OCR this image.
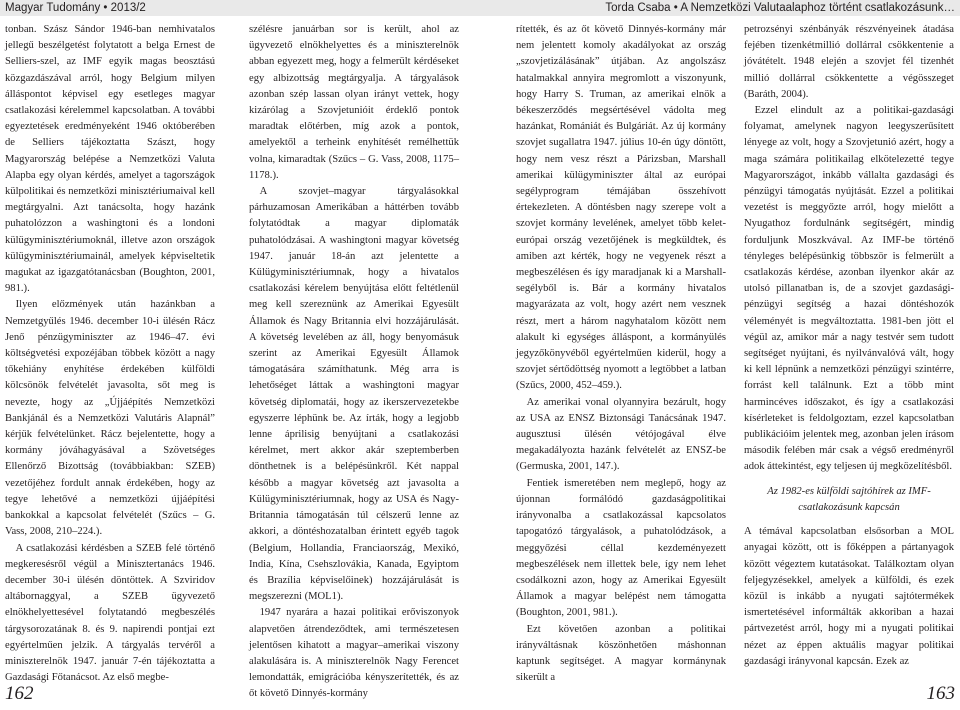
Magyar Tudomány • 2013/2

tonban. Szász Sándor 1946-ban nemhivatalos jellegű beszélgetést folytatott a belga Ernest de Selliers-szel, az IMF egyik magas beosztású közgazdászával arról, hogy Belgium milyen álláspontot képvisel egy esetleges magyar csatlakozási kérelemmel kapcsolatban. A további egyeztetések eredményeként 1946 októberében de Selliers tájékoztatta Szászt, hogy Magyarország belépése a Nemzetközi Valuta Alapba egy olyan kérdés, amelyet a tagországok külpolitikai és nemzetközi minisztériumaival kell megtárgyalni. Azt tanácsolta, hogy hazánk puhatolózzon a washingtoni és a londoni külügyminisztériumoknál, illetve azon országok külügyminisztériumainál, amelyek képviseltetik magukat az igazgatótanácsban (Boughton, 2001, 981.).

Ilyen előzmények után hazánkban a Nemzetgyűlés 1946. december 10-i ülésén Rácz Jenő pénzügyminiszter az 1946–47. évi költségvetési expozéjában többek között a nagy tőkehiány enyhítése érdekében külföldi kölcsönök felvételét javasolta, sőt meg is nevezte, hogy az „Újjáépítés Nemzetközi Bankjánál és a Nemzetközi Valutáris Alapnál” kérjük felvételünket. Rácz bejelentette, hogy a kormány jóváhagyásával a Szövetséges Ellenőrző Bizottság (továbbiakban: SZEB) vezetőjéhez fordult annak érdekében, hogy az tegye lehetővé a nemzetközi újjáépítési bankokkal a kapcsolat felvételét (Szűcs – G. Vass, 2008, 210–224.).

A csatlakozási kérdésben a SZEB felé történő megkeresésről végül a Minisztertanács 1946. december 30-i ülésén döntöttek. A Szviridov altábornaggyal, a SZEB ügyvezető elnökhelyettesével folytatandó megbeszélés tárgysorozatának 8. és 9. napirendi pontjai ezt egyértelműen jelzik. A tárgyalás tervéről a miniszterelnök 1947. január 7-én tájékoztatta a Gazdasági Főtanácsot. Az első megbe-

szélésre januárban sor is került, ahol az ügyvezető elnökhelyettes és a miniszterelnök abban egyezett meg, hogy a felmerült kérdéseket egy albizottság megtárgyalja. A tárgyalások azonban szép lassan olyan irányt vettek, hogy kizárólag a Szovjetunióit érdeklő pontok maradtak előtérben, míg azok a pontok, amelyektől a terheink enyhítését remélhettük volna, kimaradtak (Szűcs – G. Vass, 2008, 1175–1178.).

A szovjet–magyar tárgyalásokkal párhuzamosan Amerikában a háttérben tovább folytatódtak a magyar diplomaták puhatolódzásai. A washingtoni magyar követség 1947. január 18-án azt jelentette a Külügyminisztériumnak, hogy a hivatalos csatlakozási kérelem benyújtása előtt feltétlenül meg kell szereznünk az Amerikai Egyesült Államok és Nagy Britannia elvi hozzájárulását. A követség levelében az áll, hogy benyomásuk szerint az Amerikai Egyesült Államok támogatására számíthatunk. Még arra is lehetőséget láttak a washingtoni magyar követség diplomatái, hogy az ikerszervezetekbe egyszerre léphünk be. Az írták, hogy a legjobb lenne áprilisig benyújtani a csatlakozási kérelmet, mert akkor akár szeptemberben dönthetnek is a belépésünkről. Két nappal később a magyar követség azt javasolta a Külügyminisztériumnak, hogy az USA és Nagy-Britannia támogatásán túl célszerű lenne az akkori, a döntéshozatalban érintett egyéb tagok (Belgium, Hollandia, Franciaország, Mexikó, India, Kína, Csehszlovákia, Kanada, Egyiptom és Brazília képviselőinek) hozzájárulását is megszerezni (MOL1).

1947 nyarára a hazai politikai erőviszonyok alapvetően átrendeződtek, ami természetesen jelentősen kihatott a magyar–amerikai viszony alakulására is. A miniszterelnök Nagy Ferencet lemondatták, emigrációba kényszerítették, és az őt követő Dinnyés-kormány

162
Torda Csaba • A Nemzetközi Valutaalaphoz történt csatlakozásunk…

rítették, és az őt követő Dinnyés-kormány már nem jelentett komoly akadályokat az ország „szovjetizálásának” útjában. Az angolszász hatalmakkal annyira megromlott a viszonyunk, hogy Harry S. Truman, az amerikai elnök a békeszerződés megsértésével vádolta meg hazánkat, Romániát és Bulgáriát. Az új kormány szovjet sugallatra 1947. július 10-én úgy döntött, hogy nem vesz részt a Párizsban, Marshall amerikai külügyminiszter által az európai segélyprogram témájában összehívott értekezleten. A döntésben nagy szerepe volt a szovjet kormány levelének, amelyet több kelet-európai ország vezetőjének is megküldtek, és amiben azt kérték, hogy ne vegyenek részt a megbeszélésen és így maradjanak ki a Marshall-segélyből is. Bár a kormány hivatalos magyarázata az volt, hogy azért nem vesznek részt, mert a három nagyhatalom között nem alakult ki egységes álláspont, a kormányülés jegyzőkönyvéből egyértelműen kiderül, hogy a szovjet sértődöttség nyomott a legtöbbet a latban (Szűcs, 2000, 452–459.).

Az amerikai vonal olyannyira bezárult, hogy az USA az ENSZ Biztonsági Tanácsának 1947. augusztusi ülésén vétójogával élve megakadályozta hazánk felvételét az ENSZ-be (Germuska, 2001, 147.).

Fentiek ismeretében nem meglepő, hogy az újonnan formálódó gazdaságpolitikai irányvonalba a csatlakozással kapcsolatos tapogatózó tárgyalások, a puhatolódzások, a meggyőzési céllal kezdeményezett megbeszélések nem illettek bele, így nem lehet csodálkozni azon, hogy az Amerikai Egyesült Államok a magyar belépést nem támogatta (Boughton, 2001, 981.).

Ezt követően azonban a politikai irányváltásnak köszönhetően máshonnan kaptunk segítséget. A magyar kormánynak sikerült a

petrozsényi szénbányák részvényeinek átadása fejében tizenkétmillió dollárral csökkentenie a jóvátételt. 1948 elején a szovjet fél tizenhét millió dollárral csökkentette a végösszeget (Baráth, 2004).

Ezzel elindult az a politikai-gazdasági folyamat, amelynek nagyon leegyszerűsített lényege az volt, hogy a Szovjetunió azért, hogy a maga számára politikailag elkötelezetté tegye Magyarországot, inkább vállalta gazdasági és pénzügyi támogatás nyújtását. Ezzel a politikai vezetést is meggyőzte arról, hogy mielőtt a Nyugathoz fordulnánk segítségért, mindig forduljunk Moszkvával. Az IMF-be történő tényleges belépésünkig többször is felmerült a csatlakozás kérdése, azonban ilyenkor akár az utolsó pillanatban is, de a szovjet gazdasági-pénzügyi segítség a hazai döntéshozók véleményét is megváltoztatta. 1981-ben jött el végül az, amikor már a nagy testvér sem tudott segítséget nyújtani, és nyilvánvalóvá vált, hogy ki kell lépnünk a nemzetközi pénzügyi szintérre, forrást kell találnunk. Ezt a több mint harmincéves időszakot, és így a csatlakozási kísérleteket is feldolgoztam, ezzel kapcsolatban publikációim jelentek meg, azonban jelen írásom második felében már csak a végső eredményről adok áttekintést, egy teljesen új megközelítésből.

Az 1982-es külföldi sajtóhírek az IMF-csatlakozásunk kapcsán

A témával kapcsolatban elsősorban a MOL anyagai között, ott is főképpen a pártanyagok között végeztem kutatásokat. Találkoztam olyan feljegyzésekkel, amelyek a külföldi, és ezek közül is inkább a nyugati sajtótermékek ismertetésével informálták akkoriban a hazai pártvezetést arról, hogy mi a nyugati politikai nézet az éppen aktuális magyar politikai gazdasági irányvonal kapcsán. Ezek az

163
